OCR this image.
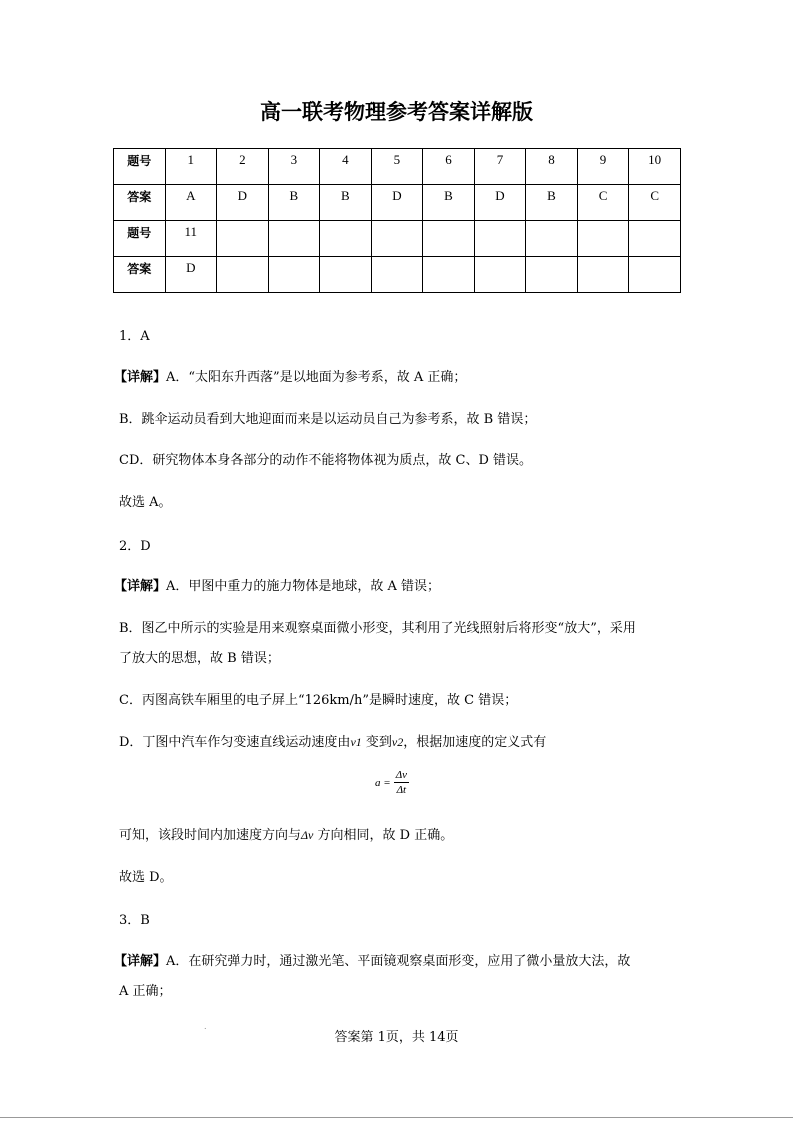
高一联考物理参考答案详解版
题号	1	2	3	4	5	6	7	8	9	10
答案	A	D	B	B	D	B	D	B	C	C
题号	11									
答案	D									
1．A
【详解】A．“太阳东升西落”是以地面为参考系，故 A 正确；
B．跳伞运动员看到大地迎面而来是以运动员自己为参考系，故 B 错误；
CD．研究物体本身各部分的动作不能将物体视为质点，故 C、D 错误。
故选 A。
2．D
【详解】A．甲图中重力的施力物体是地球，故 A 错误；
B．图乙中所示的实验是用来观察桌面微小形变，其利用了光线照射后将形变“放大”，采用
了放大的思想，故 B 错误；
C．丙图高铁车厢里的电子屏上“126km/h”是瞬时速度，故 C 错误；
D．丁图中汽车作匀变速直线运动速度由v1 变到v2，根据加速度的定义式有
$a = \frac{\Delta v}{\Delta t}$
可知，该段时间内加速度方向与Δv 方向相同，故 D 正确。
故选 D。
3．B
【详解】A．在研究弹力时，通过激光笔、平面镜观察桌面形变，应用了微小量放大法，故
A 正确；
.
答案第 1页，共 14页
